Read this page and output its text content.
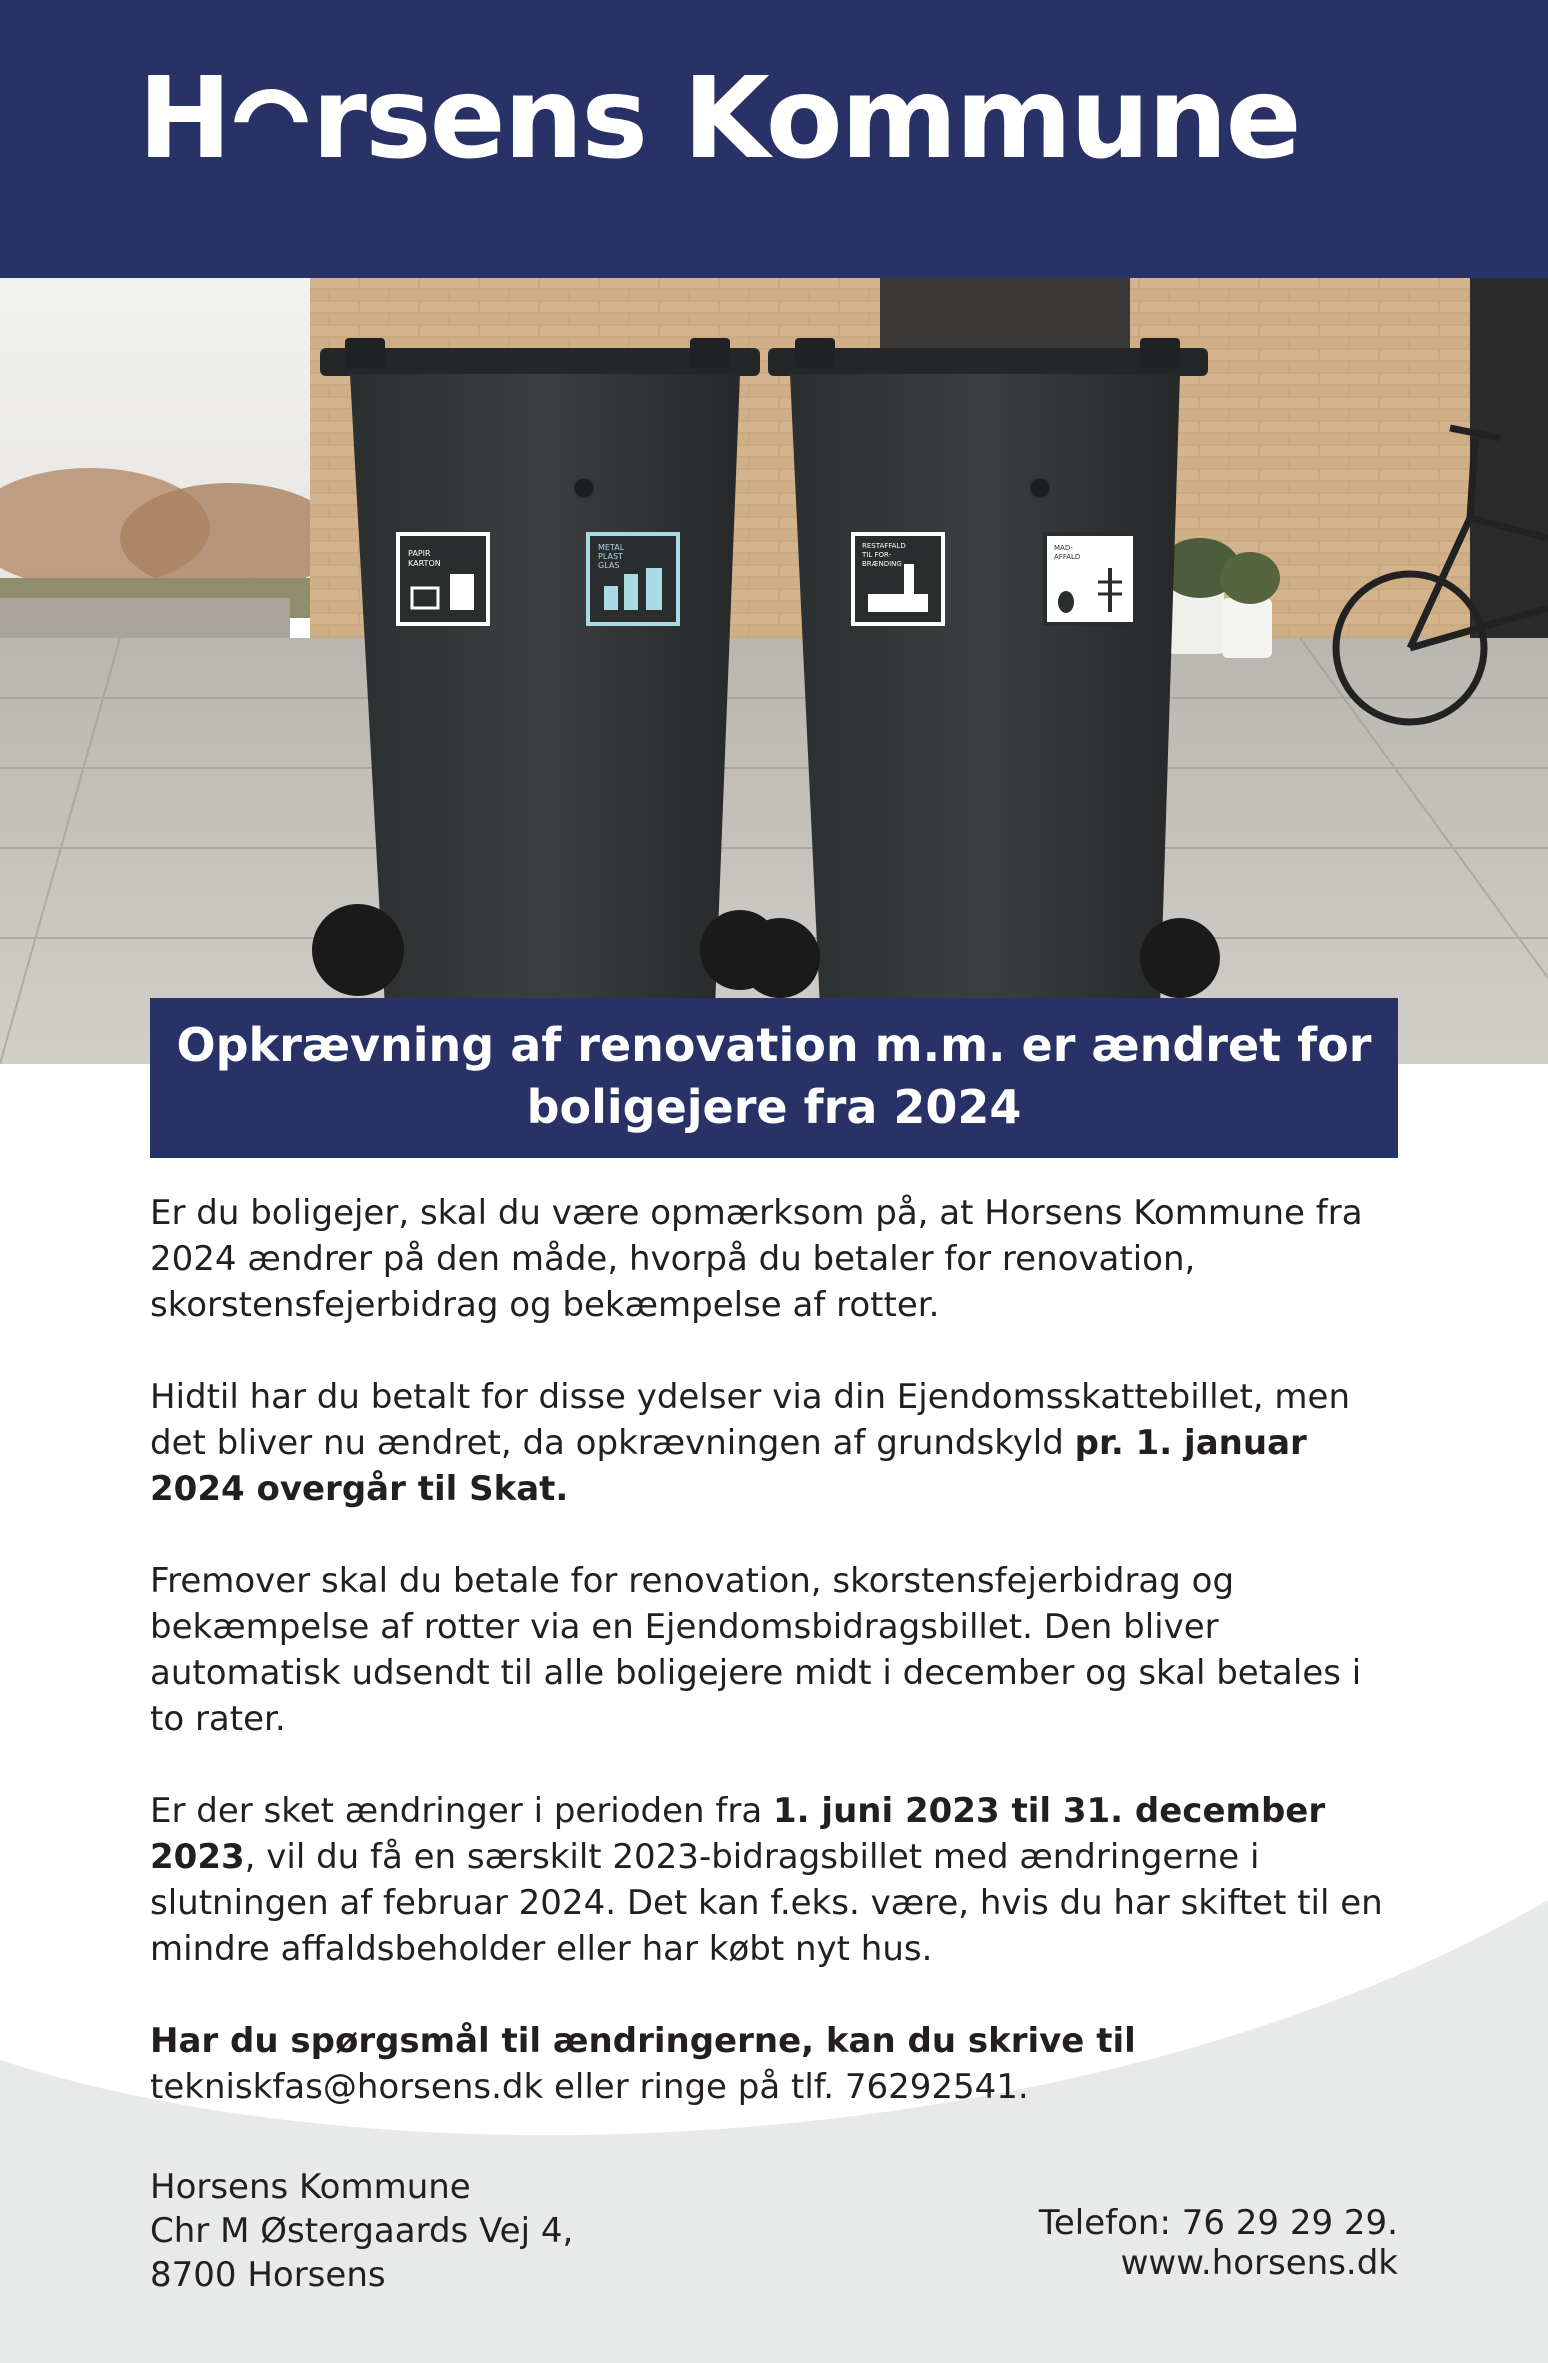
H rsens Kommune
PAPIR
KARTON
METAL
PLAST
GLAS
RESTAFFALD
TIL FOR-
BRÆNDING
MAD-
AFFALD
Opkrævning af renovation m.m. er ændret for
boligejere fra 2024

Er du boligejer, skal du være opmærksom på, at Horsens Kommune fra 2024 ændrer på den måde, hvorpå du betaler for renovation, skorstensfejerbidrag og bekæmpelse af rotter.

Hidtil har du betalt for disse ydelser via din Ejendomsskattebillet, men det bliver nu ændret, da opkrævningen af grundskyld pr. 1. januar 2024 overgår til Skat.

Fremover skal du betale for renovation, skorstensfejerbidrag og bekæmpelse af rotter via en Ejendomsbidragsbillet. Den bliver automatisk udsendt til alle boligejere midt i december og skal betales i to rater.

Er der sket ændringer i perioden fra 1. juni 2023 til 31. december 2023, vil du få en særskilt 2023-bidragsbillet med ændringerne i slutningen af februar 2024. Det kan f.eks. være, hvis du har skiftet til en mindre affaldsbeholder eller har købt nyt hus.

Har du spørgsmål til ændringerne, kan du skrive til
tekniskfas@horsens.dk eller ringe på tlf. 76292541.

Horsens Kommune
Chr M Østergaards Vej 4,
8700 Horsens
Telefon: 76 29 29 29.
www.horsens.dk
